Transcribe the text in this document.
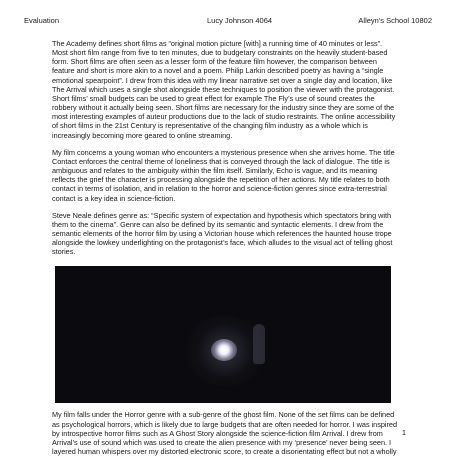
Evaluation	Lucy Johnson 4064	Alleyn's School 10802

The Academy defines short films as “original motion picture [with] a running time of 40 minutes or less”. Most short film range from five to ten minutes, due to budgetary constraints on the heavily student-based form. Short films are often seen as a lesser form of the feature film however, the comparison between feature and short is more akin to a novel and a poem. Philip Larkin described poetry as having a “single emotional spearpoint”. I drew from this idea with my linear narrative set over a single day and location, like The Arrival which uses a single shot alongside these techniques to position the viewer with the protagonist. Short films’ small budgets can be used to great effect for example The Fly’s use of sound creates the robbery without it actually being seen. Short films are necessary for the industry since they are some of the most interesting examples of auteur productions due to the lack of studio restraints. The online accessibility of short films in the 21st Century is representative of the changing film industry as a whole which is increasingly becoming more geared to online streaming.

My film concerns a young woman who encounters a mysterious presence when she arrives home. The title Contact enforces the central theme of loneliness that is conveyed through the lack of dialogue. The title is ambiguous and relates to the ambiguity within the film itself. Similarly, Echo is vague, and its meaning reflects the grief the character is processing alongside the repetition of her actions. My title relates to both contact in terms of isolation, and in relation to the horror and science-fiction genres since extra-terrestrial contact is a key idea in science-fiction.

Steve Neale defines genre as: “Specific system of expectation and hypothesis which spectators bring with them to the cinema”. Genre can also be defined by its semantic and syntactic elements. I drew from the semantic elements of the horror film by using a Victorian house which references the haunted house trope alongside the lowkey underlighting on the protagonist’s face, which alludes to the visual act of telling ghost stories.

My film falls under the Horror genre with a sub-genre of the ghost film. None of the set films can be defined as psychological horrors, which is likely due to large budgets that are often needed for horror. I was inspired by introspective horror films such as A Ghost Story alongside the science-fiction film Arrival. I drew from Arrival’s use of sound which was used to create the alien presence with my ‘presence’ never being seen. I layered human whispers over my distorted electronic score, to create a disorientating effect but not a wholly

1
